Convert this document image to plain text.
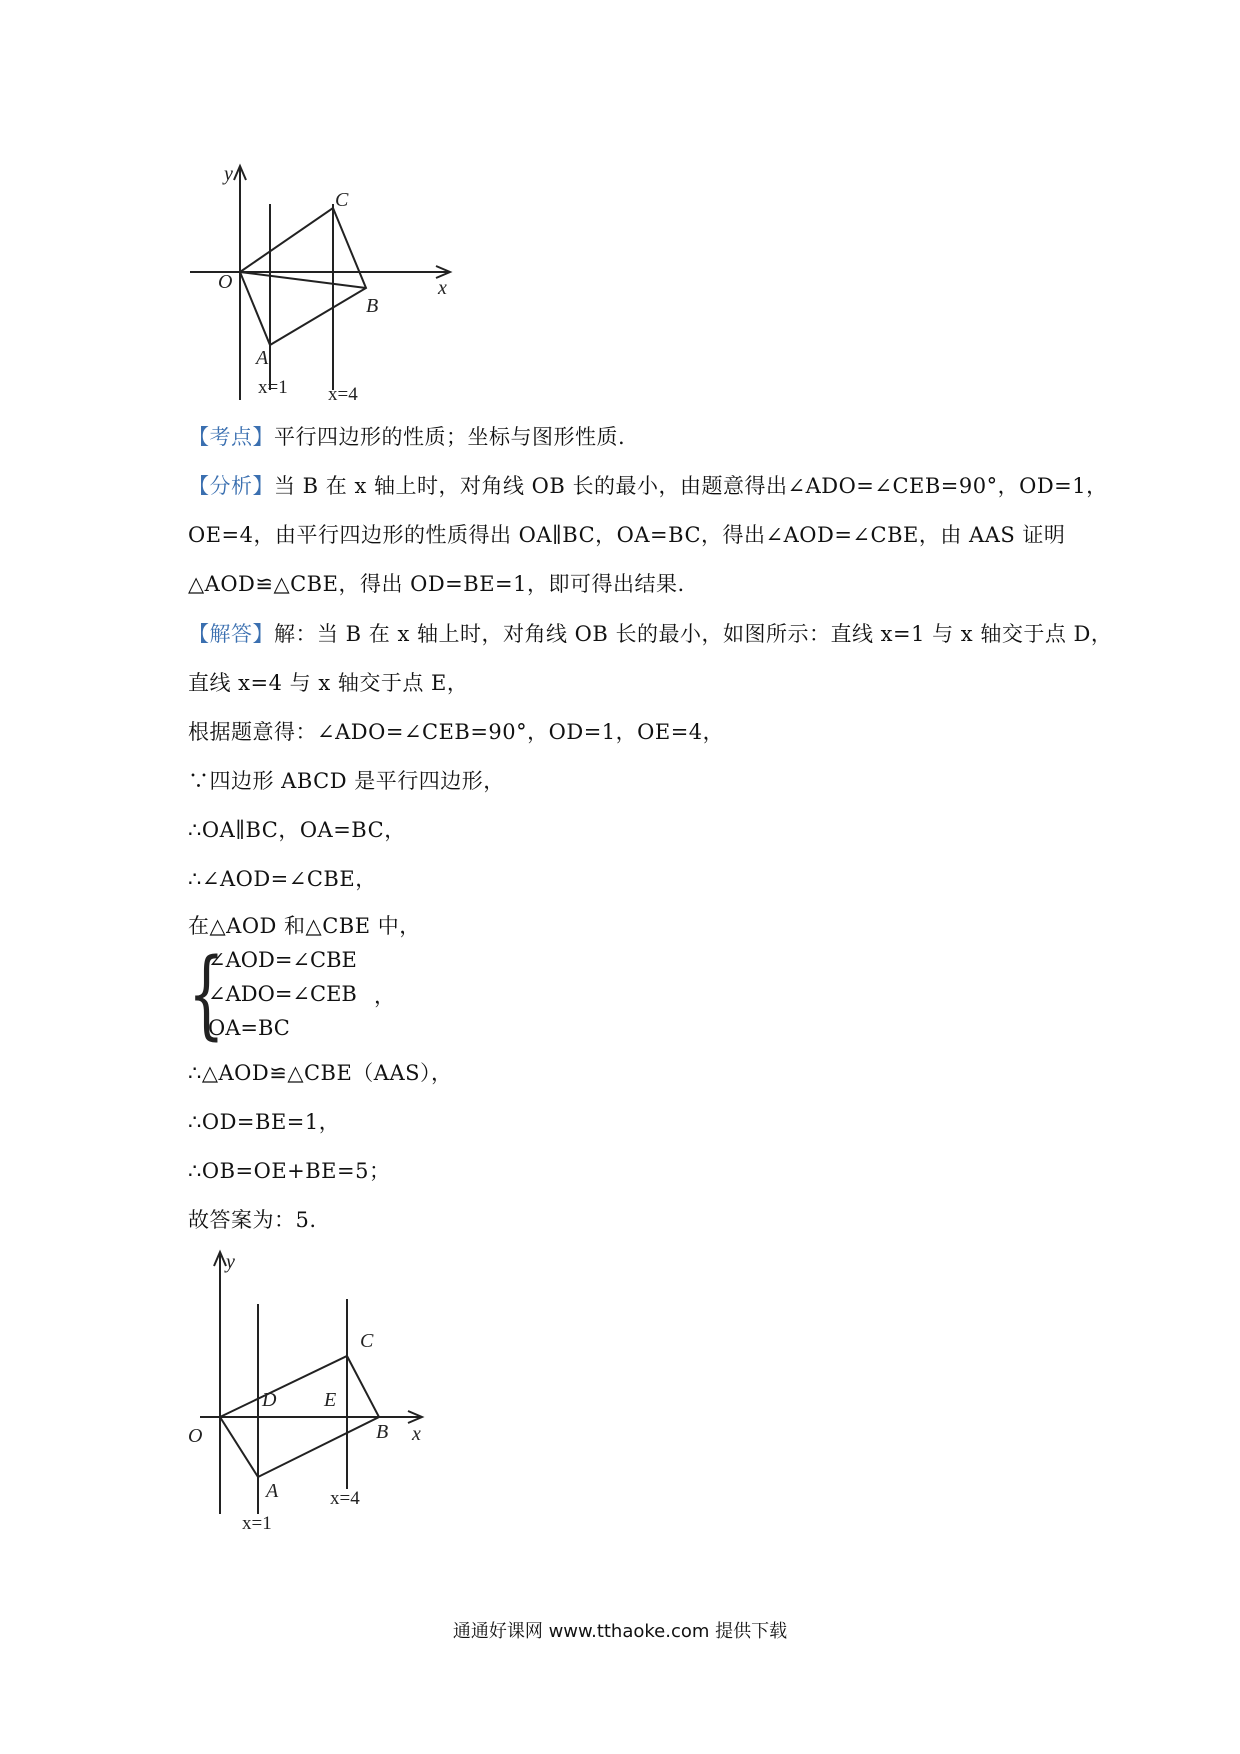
y
x
O
C
B
A
x=1 x=4
【考点】平行四边形的性质；坐标与图形性质.
【分析】当 B 在 x 轴上时，对角线 OB 长的最小，由题意得出∠ADO=∠CEB=90°，OD=1，
OE=4，由平行四边形的性质得出 OA∥BC，OA=BC，得出∠AOD=∠CBE，由 AAS 证明
△AOD≌△CBE，得出 OD=BE=1，即可得出结果.
【解答】解：当 B 在 x 轴上时，对角线 OB 长的最小，如图所示：直线 x=1 与 x 轴交于点 D，
直线 x=4 与 x 轴交于点 E，
根据题意得：∠ADO=∠CEB=90°，OD=1，OE=4，
∵四边形 ABCD 是平行四边形，
∴OA∥BC，OA=BC，
∴∠AOD=∠CBE，
在△AOD 和△CBE 中，
{
∠AOD=∠CBE
∠ADO=∠CEB
OA=BC
，
∴△AOD≌△CBE（AAS），
∴OD=BE=1，
∴OB=OE+BE=5；
故答案为：5.
y
x
O
C
B
A
D E
x=1
x=4
通通好课网 www.tthaoke.com 提供下载
